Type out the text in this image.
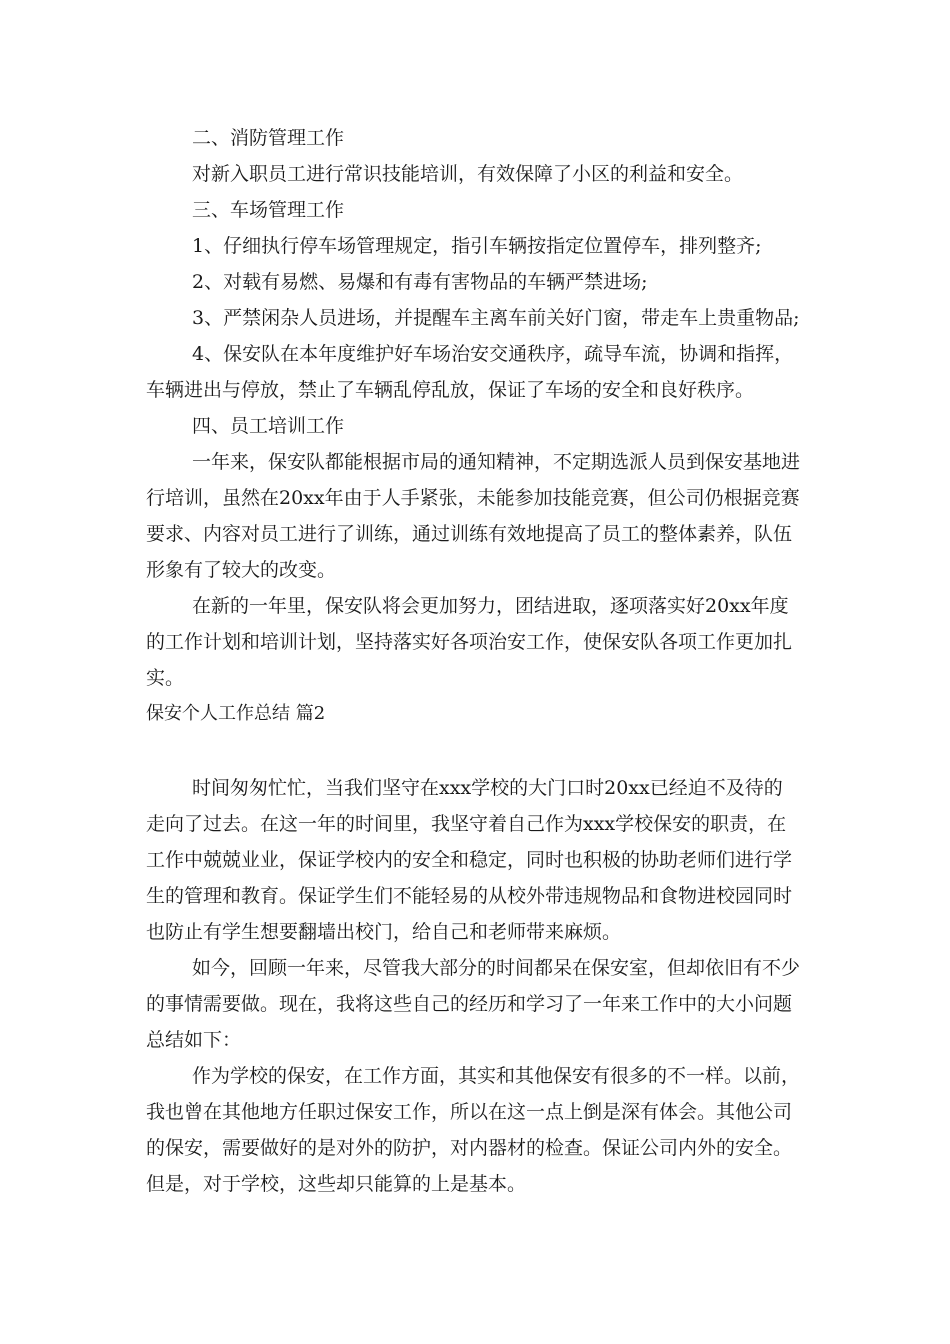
二、消防管理工作

对新入职员工进行常识技能培训，有效保障了小区的利益和安全。

三、车场管理工作

1、仔细执行停车场管理规定，指引车辆按指定位置停车，排列整齐;

2、对载有易燃、易爆和有毒有害物品的车辆严禁进场;

3、严禁闲杂人员进场，并提醒车主离车前关好门窗，带走车上贵重物品;

4、保安队在本年度维护好车场治安交通秩序，疏导车流，协调和指挥，

车辆进出与停放，禁止了车辆乱停乱放，保证了车场的安全和良好秩序。

四、员工培训工作

一年来，保安队都能根据市局的通知精神，不定期选派人员到保安基地进

行培训，虽然在20xx年由于人手紧张，未能参加技能竞赛，但公司仍根据竞赛

要求、内容对员工进行了训练，通过训练有效地提高了员工的整体素养，队伍

形象有了较大的改变。

在新的一年里，保安队将会更加努力，团结进取，逐项落实好20xx年度

的工作计划和培训计划，坚持落实好各项治安工作，使保安队各项工作更加扎

实。

保安个人工作总结 篇2

时间匆匆忙忙，当我们坚守在xxx学校的大门口时20xx已经迫不及待的

走向了过去。在这一年的时间里，我坚守着自己作为xxx学校保安的职责，在

工作中兢兢业业，保证学校内的安全和稳定，同时也积极的协助老师们进行学

生的管理和教育。保证学生们不能轻易的从校外带违规物品和食物进校园同时

也防止有学生想要翻墙出校门，给自己和老师带来麻烦。

如今，回顾一年来，尽管我大部分的时间都呆在保安室，但却依旧有不少

的事情需要做。现在，我将这些自己的经历和学习了一年来工作中的大小问题

总结如下：

作为学校的保安，在工作方面，其实和其他保安有很多的不一样。以前，

我也曾在其他地方任职过保安工作，所以在这一点上倒是深有体会。其他公司

的保安，需要做好的是对外的防护，对内器材的检查。保证公司内外的安全。

但是，对于学校，这些却只能算的上是基本。
